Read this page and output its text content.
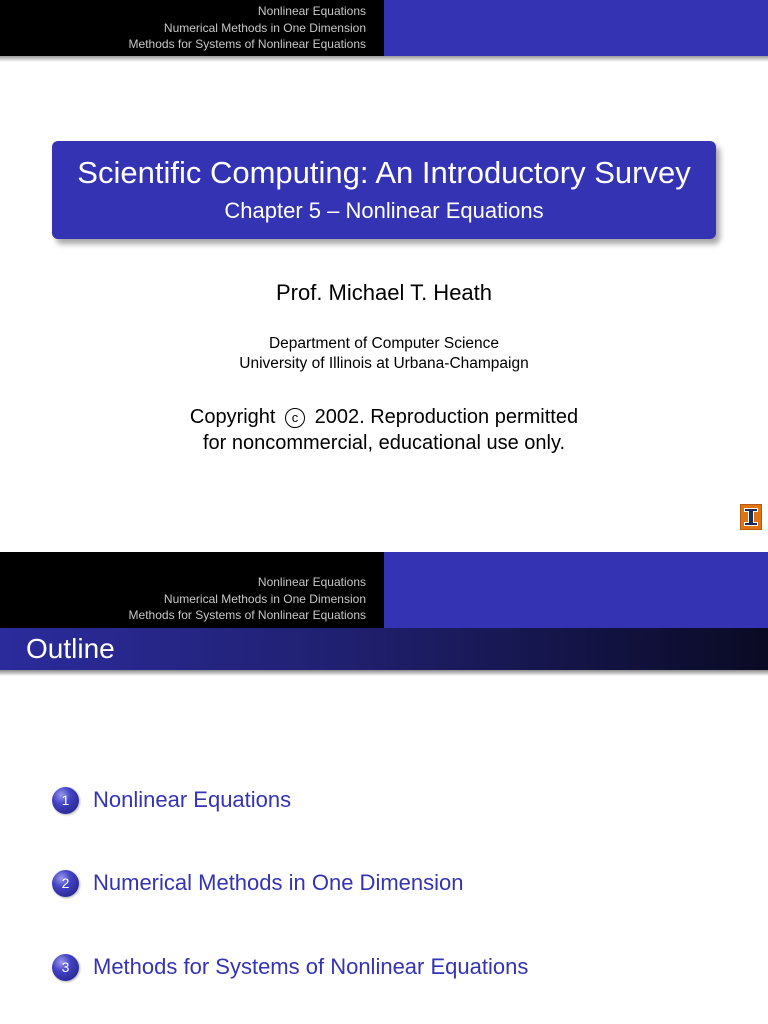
Nonlinear Equations
Numerical Methods in One Dimension
Methods for Systems of Nonlinear Equations
Scientific Computing: An Introductory Survey
Chapter 5 – Nonlinear Equations
Prof. Michael T. Heath
Department of Computer Science
University of Illinois at Urbana-Champaign
Copyright c 2002. Reproduction permitted
for noncommercial, educational use only.
Nonlinear Equations
Numerical Methods in One Dimension
Methods for Systems of Nonlinear Equations
Outline
1	Nonlinear Equations
2	Numerical Methods in One Dimension
3	Methods for Systems of Nonlinear Equations
